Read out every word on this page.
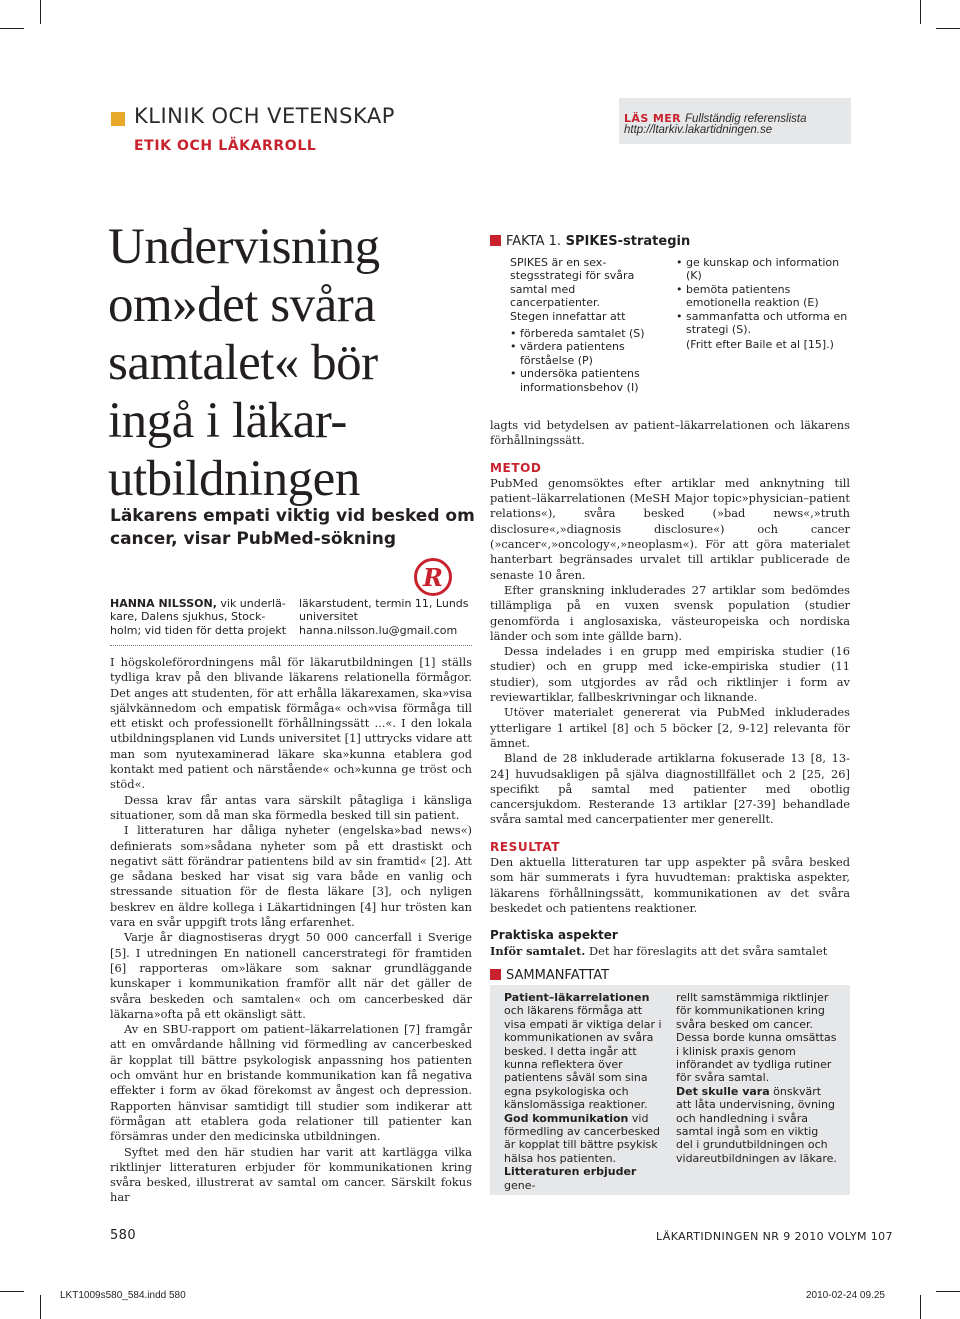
KLINIK OCH VETENSKAP
ETIK OCH LÄKARROLL
LÄS MER Fullständig referenslista
http://ltarkiv.lakartidningen.se
Undervisning
om»det svåra
samtalet« bör
ingå i läkar-
utbildningen
Läkarens empati viktig vid besked om
cancer, visar PubMed-sökning
HANNA NILSSON, vik underlä-
kare, Dalens sjukhus, Stock-
holm; vid tiden för detta projekt
läkarstudent, termin 11, Lunds
universitet
hanna.nilsson.lu@gmail.com
R

I högskoleförordningens mål för läkarutbildningen [1] ställs tydliga krav på den blivande läkarens relationella förmågor. Det anges att studenten, för att erhålla läkarexamen, ska»visa självkännedom och empatisk förmåga« och»visa förmåga till ett etiskt och professionellt förhållningssätt ...«. I den lokala utbildningsplanen vid Lunds universitet [1] uttrycks vidare att man som nyutexaminerad läkare ska»kunna etablera god kontakt med patient och närstående« och»kunna ge tröst och stöd«.

Dessa krav får antas vara särskilt påtagliga i känsliga situationer, som då man ska förmedla besked till sin patient.

I litteraturen har dåliga nyheter (engelska»bad news«) definierats som»sådana nyheter som på ett drastiskt och negativt sätt förändrar patientens bild av sin framtid« [2]. Att ge sådana besked har visat sig vara både en vanlig och stressande situation för de flesta läkare [3], och nyligen beskrev en äldre kollega i Läkartidningen [4] hur trösten kan vara en svår uppgift trots lång erfarenhet.

Varje år diagnostiseras drygt 50 000 cancerfall i Sverige [5]. I utredningen En nationell cancerstrategi för framtiden [6] rapporteras om»läkare som saknar grundläggande kunskaper i kommunikation framför allt när det gäller de svåra beskeden och samtalen« och om cancerbesked där läkarna»ofta på ett okänsligt sätt.

Av en SBU-rapport om patient–läkarrelationen [7] framgår att en omvårdande hållning vid förmedling av cancerbesked är kopplat till bättre psykologisk anpassning hos patienten och omvänt hur en bristande kommunikation kan få negativa effekter i form av ökad förekomst av ångest och depression. Rapporten hänvisar samtidigt till studier som indikerar att förmågan att etablera goda relationer till patienter kan försämras under den medicinska utbildningen.

Syftet med den här studien har varit att kartlägga vilka riktlinjer litteraturen erbjuder för kommunikationen kring svåra besked, illustrerat av samtal om cancer. Särskilt fokus har

FAKTA 1. SPIKES-strategin
SPIKES är en sex-stegsstrategi för svåra samtal med cancerpatienter.
Stegen innefattar att
• förbereda samtalet (S)
• värdera patientens förståelse (P)
• undersöka patientens informationsbehov (I)
• ge kunskap och information (K)
• bemöta patientens emotionella reaktion (E)
• sammanfatta och utforma en strategi (S).
(Fritt efter Baile et al [15].)

lagts vid betydelsen av patient–läkarrelationen och läkarens förhållningssätt.

METOD

PubMed genomsöktes efter artiklar med anknytning till patient–läkarrelationen (MeSH Major topic»physician–patient relations«), svåra besked (»bad news«,»truth disclosure«,»diagnosis disclosure«) och cancer (»cancer«,»oncology«,»neoplasm«). För att göra materialet hanterbart begränsades urvalet till artiklar publicerade de senaste 10 åren.

Efter granskning inkluderades 27 artiklar som bedömdes tillämpliga på en vuxen svensk population (studier genomförda i anglosaxiska, västeuropeiska och nordiska länder och som inte gällde barn).

Dessa indelades i en grupp med empiriska studier (16 studier) och en grupp med icke-empiriska studier (11 studier), som utgjordes av råd och riktlinjer i form av reviewartiklar, fallbeskrivningar och liknande.

Utöver materialet genererat via PubMed inkluderades ytterligare 1 artikel [8] och 5 böcker [2, 9-12] relevanta för ämnet.

Bland de 28 inkluderade artiklarna fokuserade 13 [8, 13-24] huvudsakligen på själva diagnostillfället och 2 [25, 26] specifikt på samtal med patienter med obotlig cancersjukdom. Resterande 13 artiklar [27-39] behandlade svåra samtal med cancerpatienter mer generellt.

RESULTAT

Den aktuella litteraturen tar upp aspekter på svåra besked som här summerats i fyra huvudteman: praktiska aspekter, läkarens förhållningssätt, kommunikationen av det svåra beskedet och patientens reaktioner.

Praktiska aspekter

Inför samtalet. Det har föreslagits att det svåra samtalet

SAMMANFATTAT
Patient–läkarrelationen och läkarens förmåga att visa empati är viktiga delar i kommunikationen av svåra besked. I detta ingår att kunna reflektera över patientens såväl som sina egna psykologiska och känslomässiga reaktioner.
God kommunikation vid förmedling av cancerbesked är kopplat till bättre psykisk hälsa hos patienten.
Litteraturen erbjuder gene-
rellt samstämmiga riktlinjer för kommunikationen kring svåra besked om cancer. Dessa borde kunna omsättas i klinisk praxis genom införandet av tydliga rutiner för svåra samtal.
Det skulle vara önskvärt att låta undervisning, övning och handledning i svåra samtal ingå som en viktig del i grundutbildningen och vidareutbildningen av läkare.
580	LÄKARTIDNINGEN NR 9 2010 VOLYM 107
LKT1009s580_584.indd 580	2010-02-24 09.25
